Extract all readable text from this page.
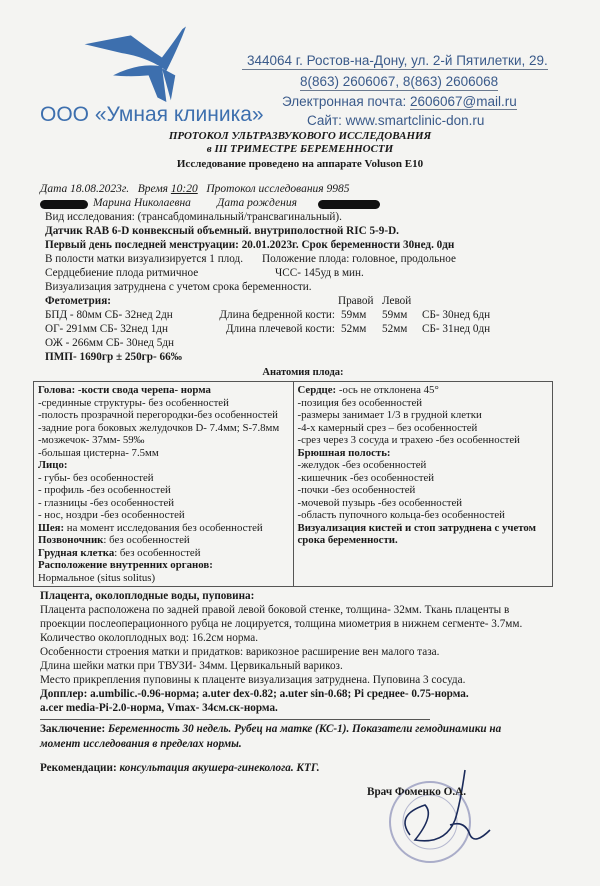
ООО «Умная клиника»
344064 г. Ростов-на-Дону, ул. 2-й Пятилетки, 29.
8(863) 2606067, 8(863) 2606068
Электронная почта: 2606067@mail.ru
Сайт: www.smartclinic-don.ru
ПРОТОКОЛ УЛЬТРАЗВУКОВОГО ИССЛЕДОВАНИЯ
в III ТРИМЕСТРЕ БЕРЕМЕННОСТИ
Исследование проведено на аппарате Voluson E10
Дата 18.08.2023г. Время 10:20 Протокол исследования 9985
Марина Николаевна Дата рождения
Вид исследования: (трансабдоминальный/трансвагинальный).
Датчик RAB 6-D конвексный объемный. внутриполостной RIC 5-9-D.
Первый день последней менструации: 20.01.2023г. Срок беременности 30нед. 0дн
В полости матки визуализируется 1 плод. Положение плода: головное, продольное
Сердцебиение плода ритмичное	ЧСС- 145уд в мин.
Визуализация затруднена с учетом срока беременности.
Фетометрия:	Правой Левой
БПД - 80мм СБ- 32нед 2дн
ОГ- 291мм СБ- 32нед 1дн
ОЖ - 266мм СБ- 30нед 5дн
ПМП- 1690гр ± 250гр- 66‰
Длина бедренной кости: 59мм 59мм СБ- 30нед 6дн
Длина плечевой кости: 52мм 52мм СБ- 31нед 0дн
Анатомия плода:
Голова: -кости свода черепа- норма
-срединные структуры- без особенностей
-полость прозрачной перегородки-без особенностей
-задние рога боковых желудочков D- 7.4мм; S-7.8мм
-мозжечок- 37мм- 59‰
-большая цистерна- 7.5мм
Лицо:
- губы- без особенностей
- профиль -без особенностей
- глазницы -без особенностей
- нос, ноздри -без особенностей
Шея: на момент исследования без особенностей
Позвоночник: без особенностей
Грудная клетка: без особенностей
Расположение внутренних органов:
Нормальное (situs solitus)
Сердце: -ось не отклонена 45°
-позиция без особенностей
-размеры занимает 1/3 в грудной клетки
-4-х камерный срез – без особенностей
-срез через 3 сосуда и трахею -без особенностей
Брюшная полость:
-желудок -без особенностей
-кишечник -без особенностей
-почки -без особенностей
-мочевой пузырь -без особенностей
-область пупочного кольца-без особенностей
Визуализация кистей и стоп затруднена с учетом
срока беременности.
Плацента, околоплодные воды, пуповина:
Плацента расположена по задней правой левой боковой стенке, толщина- 32мм. Ткань плаценты в
проекции послеоперационного рубца не лоцируется, толщина миометрия в нижнем сегменте- 3.7мм.
Количество околоплодных вод: 16.2см норма.
Особенности строения матки и придатков: варикозное расширение вен малого таза.
Длина шейки матки при ТВУЗИ- 34мм. Цервикальный варикоз.
Место прикрепления пуповины к плаценте визуализация затруднена. Пуповина 3 сосуда.
Допплер: a.umbilic.-0.96-норма; a.uter dex-0.82; a.uter sin-0.68; Pi среднее- 0.75-норма.
a.cer media-Pi-2.0-норма, Vmax- 34см.ск-норма.
Заключение: Беременность 30 недель. Рубец на матке (КС-1). Показатели гемодинамики на
момент исследования в пределах нормы.
Рекомендации: консультация акушера-гинеколога. КТГ.
Врач Фоменко О.А.
